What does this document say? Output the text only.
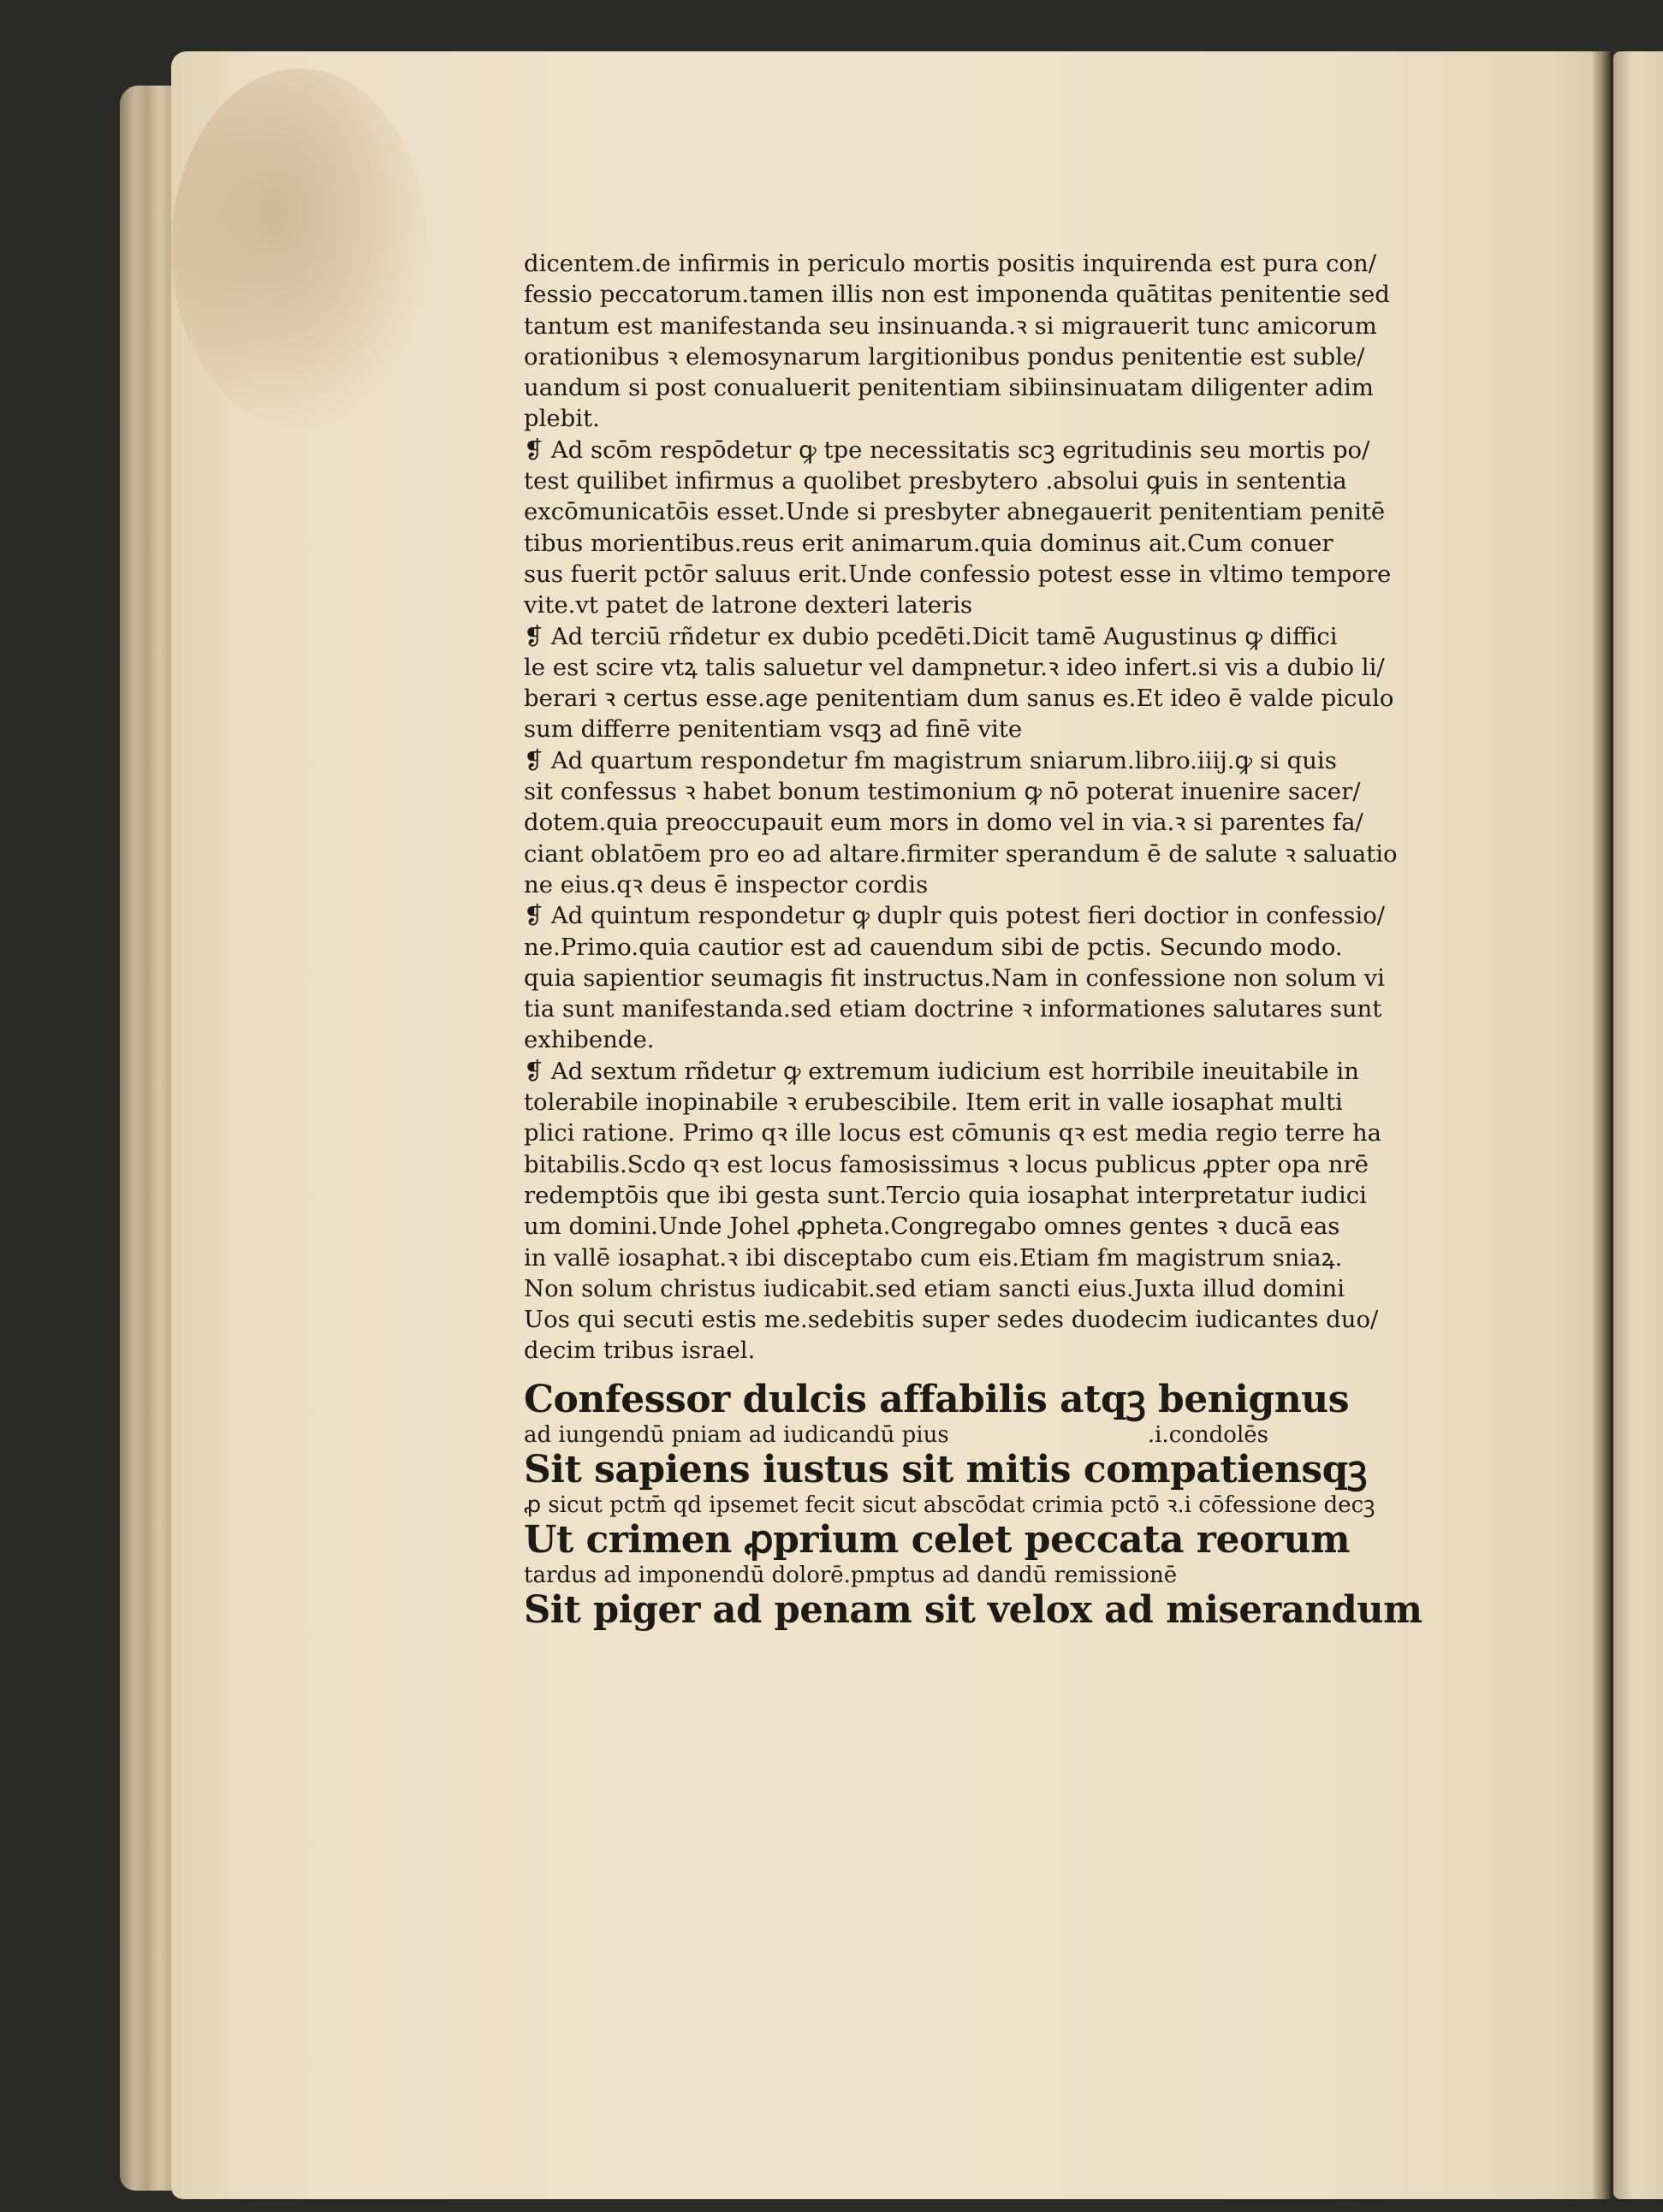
dicentem.de infirmis in periculo mortis positis inquirenda est pura con/
fessio peccatorum.tamen illis non est imponenda quātitas penitentie sed
tantum est manifestanda seu insinuanda.ꝛ si migrauerit tunc amicorum
orationibus ꝛ elemosynarum largitionibus pondus penitentie est suble/
uandum si post conualuerit penitentiam sibiinsinuatam diligenter adim
plebit.
❡ Ad scōm respōdetur ꝙ tpe necessitatis scꝫ egritudinis seu mortis po/
test quilibet infirmus a quolibet presbytero .absolui ꝙuis in sententia
excōmunicatōis esset.Unde si presbyter abnegauerit penitentiam penitē
tibus morientibus.reus erit animarum.quia dominus ait.Cum conuer
sus fuerit pctōr saluus erit.Unde confessio potest esse in vltimo tempore
vite.vt patet de latrone dexteri lateris
❡ Ad terciū rñdetur ex dubio pcedēti.Dicit tamē Augustinus ꝙ diffici
le est scire vtꝝ talis saluetur vel dampnetur.ꝛ ideo infert.si vis a dubio li/
berari ꝛ certus esse.age penitentiam dum sanus es.Et ideo ē valde piculo
sum differre penitentiam vsqꝫ ad finē vite
❡ Ad quartum respondetur ẜm magistrum sniarum.libro.iiij.ꝙ si quis
sit confessus ꝛ habet bonum testimonium ꝙ nō poterat inuenire sacer/
dotem.quia preoccupauit eum mors in domo vel in via.ꝛ si parentes fa/
ciant oblatōem pro eo ad altare.firmiter sperandum ē de salute ꝛ saluatio
ne eius.qꝛ deus ē inspector cordis
❡ Ad quintum respondetur ꝙ duplr quis potest fieri doctior in confessio/
ne.Primo.quia cautior est ad cauendum sibi de pctis. Secundo modo.
quia sapientior seumagis fit instructus.Nam in confessione non solum vi
tia sunt manifestanda.sed etiam doctrine ꝛ informationes salutares sunt
exhibende.
❡ Ad sextum rñdetur ꝙ extremum iudicium est horribile ineuitabile in
tolerabile inopinabile ꝛ erubescibile. Item erit in valle iosaphat multi
plici ratione. Primo qꝛ ille locus est cōmunis qꝛ est media regio terre ha
bitabilis.Scdo qꝛ est locus famosissimus ꝛ locus publicus ꝓpter opa nrē
redemptōis que ibi gesta sunt.Tercio quia iosaphat interpretatur iudici
um domini.Unde Johel ꝓpheta.Congregabo omnes gentes ꝛ ducā eas
in vallē iosaphat.ꝛ ibi disceptabo cum eis.Etiam ẜm magistrum sniaꝝ.
Non solum christus iudicabit.sed etiam sancti eius.Juxta illud domini
Uos qui secuti estis me.sedebitis super sedes duodecim iudicantes duo/
decim tribus israel.
Confessor dulcis affabilis atqꝫ benignus
ad iungendū pniam ad iudicandū pius	.i.condolēs
Sit sapiens iustus sit mitis compatiensqꝫ
ꝓ sicut pctm̄ qd ipsemet fecit sicut abscōdat crimia pctō ꝛ.i cōfessione decꝫ
Ut crimen ꝓprium celet peccata reorum
tardus ad imponendū dolorē.pmptus ad dandū remissionē
Sit piger ad penam sit velox ad miserandum
